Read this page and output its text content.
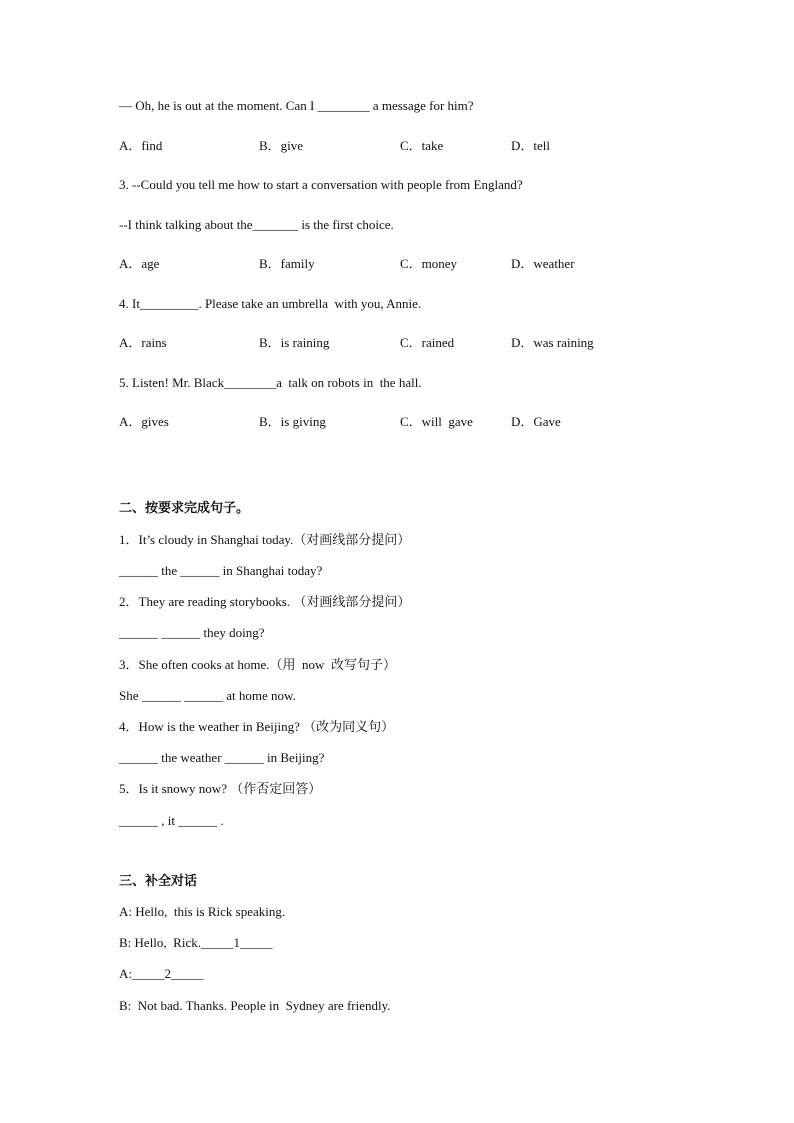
— Oh, he is out at the moment. Can I ________ a message for him?
A．find	B．give	C．take	D．tell
3. --Could you tell me how to start a conversation with people from England?
--I think talking about the_______ is the first choice.
A．age	B．family	C．money	D．weather
4. It_________. Please take an umbrella  with you, Annie.
A．rains	B．is raining	C．rained	D．was raining
5. Listen! Mr. Black________a  talk on robots in  the hall.
A．gives	B．is giving	C．will  gave	D．Gave
二、按要求完成句子。
1．It’s cloudy in Shanghai today.（对画线部分提问）
______ the ______ in Shanghai today?
2．They are reading storybooks. （对画线部分提问）
______ ______ they doing?
3．She often cooks at home.（用  now  改写句子）
She ______ ______ at home now.
4．How is the weather in Beijing? （改为同义句）
______ the weather ______ in Beijing?
5．Is it snowy now? （作否定回答）
______ , it ______ .
三、补全对话
A: Hello,  this is Rick speaking.
B: Hello,  Rick._____1_____
A:_____2_____
B:  Not bad. Thanks. People in  Sydney are friendly.
